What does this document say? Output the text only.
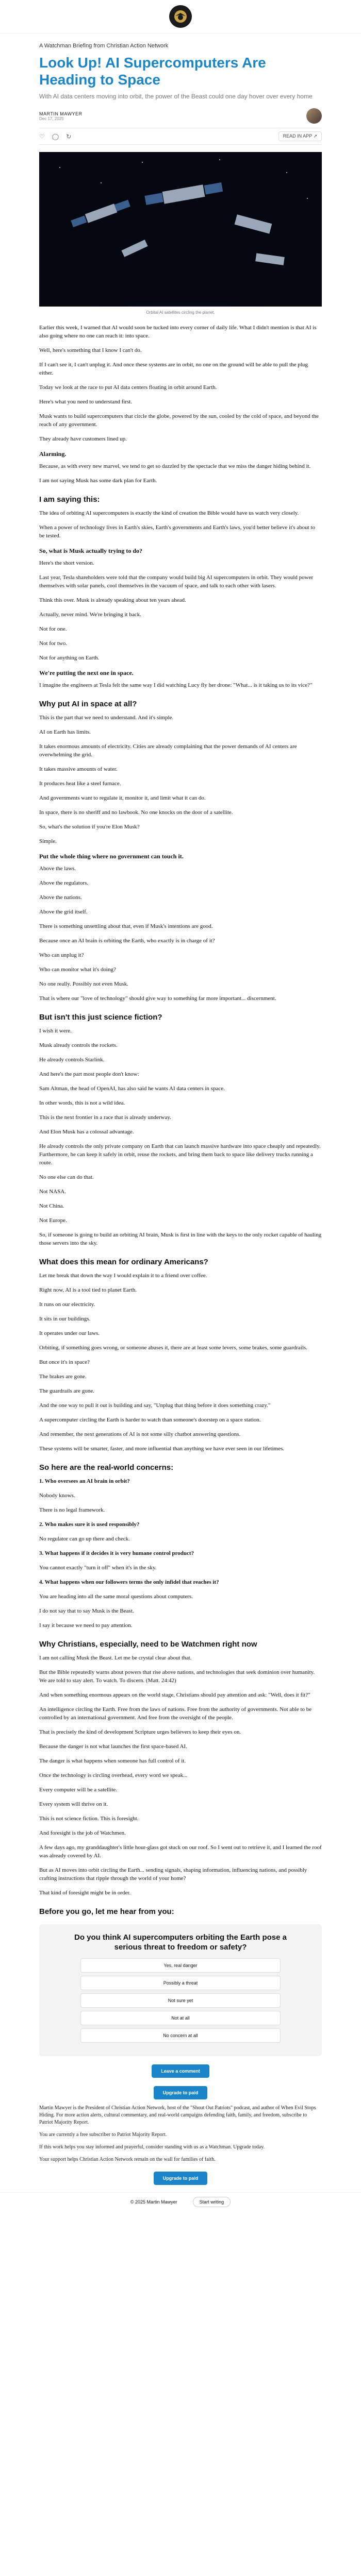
A Watchman Briefing from Christian Action Network
Look Up! AI Supercomputers Are Heading to Space
With AI data centers moving into orbit, the power of the Beast could one day hover over every home
MARTIN MAWYER
Dec 17, 2025
♡ ◯ ↻	READ IN APP ↗
Orbital AI satellites circling the planet.

Earlier this week, I warned that AI would soon be tucked into every corner of daily life. What I didn't mention is that AI is also going where no one can reach it: into space.

Well, here's something that I know I can't do.

If I can't see it, I can't unplug it. And once these systems are in orbit, no one on the ground will be able to pull the plug either.

Today we look at the race to put AI data centers floating in orbit around Earth.

Here's what you need to understand first.

Musk wants to build supercomputers that circle the globe, powered by the sun, cooled by the cold of space, and beyond the reach of any government.

They already have customers lined up.

Alarming.

Because, as with every new marvel, we tend to get so dazzled by the spectacle that we miss the danger hiding behind it.

I am not saying Musk has some dark plan for Earth.

I am saying this:

The idea of orbiting AI supercomputers is exactly the kind of creation the Bible would have us watch very closely.

When a power of technology lives in Earth's skies, Earth's governments and Earth's laws, you'd better believe it's about to be tested.

So, what is Musk actually trying to do?

Here's the short version.

Last year, Tesla shareholders were told that the company would build big AI supercomputers in orbit. They would power themselves with solar panels, cool themselves in the vacuum of space, and talk to each other with lasers.

Think this over. Musk is already speaking about ten years ahead.

Actually, never mind. We're bringing it back.

Not for one.

Not for two.

Not for anything on Earth.

We're putting the next one in space.

I imagine the engineers at Tesla felt the same way I did watching Lucy fly her drone: "What... is it taking us to its vice?"

Why put AI in space at all?

This is the part that we need to understand. And it's simple.

AI on Earth has limits.

It takes enormous amounts of electricity. Cities are already complaining that the power demands of AI centers are overwhelming the grid.

It takes massive amounts of water.

It produces heat like a steel furnace.

And governments want to regulate it, monitor it, and limit what it can do.

In space, there is no sheriff and no lawbook. No one knocks on the door of a satellite.

So, what's the solution if you're Elon Musk?

Simple.

Put the whole thing where no government can touch it.

Above the laws.

Above the regulators.

Above the nations.

Above the grid itself.

There is something unsettling about that, even if Musk's intentions are good.

Because once an AI brain is orbiting the Earth, who exactly is in charge of it?

Who can unplug it?

Who can monitor what it's doing?

No one really. Possibly not even Musk.

That is where our "love of technology" should give way to something far more important... discernment.

But isn't this just science fiction?

I wish it were.

Musk already controls the rockets.

He already controls Starlink.

And here's the part most people don't know:

Sam Altman, the head of OpenAI, has also said he wants AI data centers in space.

In other words, this is not a wild idea.

This is the next frontier in a race that is already underway.

And Elon Musk has a colossal advantage.

He already controls the only private company on Earth that can launch massive hardware into space cheaply and repeatedly. Furthermore, he can keep it safely in orbit, reuse the rockets, and bring them back to space like delivery trucks running a route.

No one else can do that.

Not NASA.

Not China.

Not Europe.

So, if someone is going to build an orbiting AI brain, Musk is first in line with the keys to the only rocket capable of hauling those servers into the sky.

What does this mean for ordinary Americans?

Let me break that down the way I would explain it to a friend over coffee.

Right now, AI is a tool tied to planet Earth.

It runs on our electricity.

It sits in our buildings.

It operates under our laws.

Orbiting, if something goes wrong, or someone abuses it, there are at least some levers, some brakes, some guardrails.

But once it's in space?

The brakes are gone.

The guardrails are gone.

And the one way to pull it out is building and say, "Unplug that thing before it does something crazy."

A supercomputer circling the Earth is harder to watch than someone's doorstep on a space station.

And remember, the next generations of AI is not some silly chatbot answering questions.

These systems will be smarter, faster, and more influential than anything we have ever seen in our lifetimes.

So here are the real-world concerns:

1. Who oversees an AI brain in orbit?

Nobody knows.

There is no legal framework.

2. Who makes sure it is used responsibly?

No regulator can go up there and check.

3. What happens if it decides it is very humane control product?

You cannot exactly "turn it off" when it's in the sky.

4. What happens when our followers terms the only infidel that reaches it?

You are heading into all the same moral questions about computers.

I do not say that to say Musk is the Beast.

I say it because we need to pay attention.

Why Christians, especially, need to be Watchmen right now

I am not calling Musk the Beast. Let me be crystal clear about that.

But the Bible repeatedly warns about powers that rise above nations, and technologies that seek dominion over humanity. We are told to stay alert. To watch. To discern. (Matt. 24:42)

And when something enormous appears on the world stage, Christians should pay attention and ask: "Well, does it fit?"

An intelligence circling the Earth. Free from the laws of nations. Free from the authority of governments. Not able to be controlled by an international government. And free from the oversight of the people.

That is precisely the kind of development Scripture urges believers to keep their eyes on.

Because the danger is not what launches the first space-based AI.

The danger is what happens when someone has full control of it.

Once the technology is circling overhead, every word we speak...

Every computer will be a satellite.

Every system will thrive on it.

This is not science fiction. This is foresight.

And foresight is the job of Watchmen.

A few days ago, my granddaughter's little hour-glass got stuck on our roof. So I went out to retrieve it, and I learned the roof was already covered by AI.

But as AI moves into orbit circling the Earth... sending signals, shaping information, influencing nations, and possibly crafting instructions that ripple through the world of your home?

That kind of foresight might be in order.

Before you go, let me hear from you:
Do you think AI supercomputers orbiting the Earth pose a serious threat to freedom or safety?
Yes, real danger
Possibly a threat
Not sure yet
Not at all
No concern at all
Leave a comment
Upgrade to paid

Martin Mawyer is the President of Christian Action Network, host of the "Shout Out Patriots" podcast, and author of When Evil Stops Hiding. For more action alerts, cultural commentary, and real-world campaigns defending faith, family, and freedom, subscribe to Patriot Majority Report.

You are currently a free subscriber to Patriot Majority Report.

If this work helps you stay informed and prayerful, consider standing with us as a Watchman. Upgrade today.

Your support helps Christian Action Network remain on the wall for families of faith.

Upgrade to paid
© 2025 Martin Mawyer	Start writing
